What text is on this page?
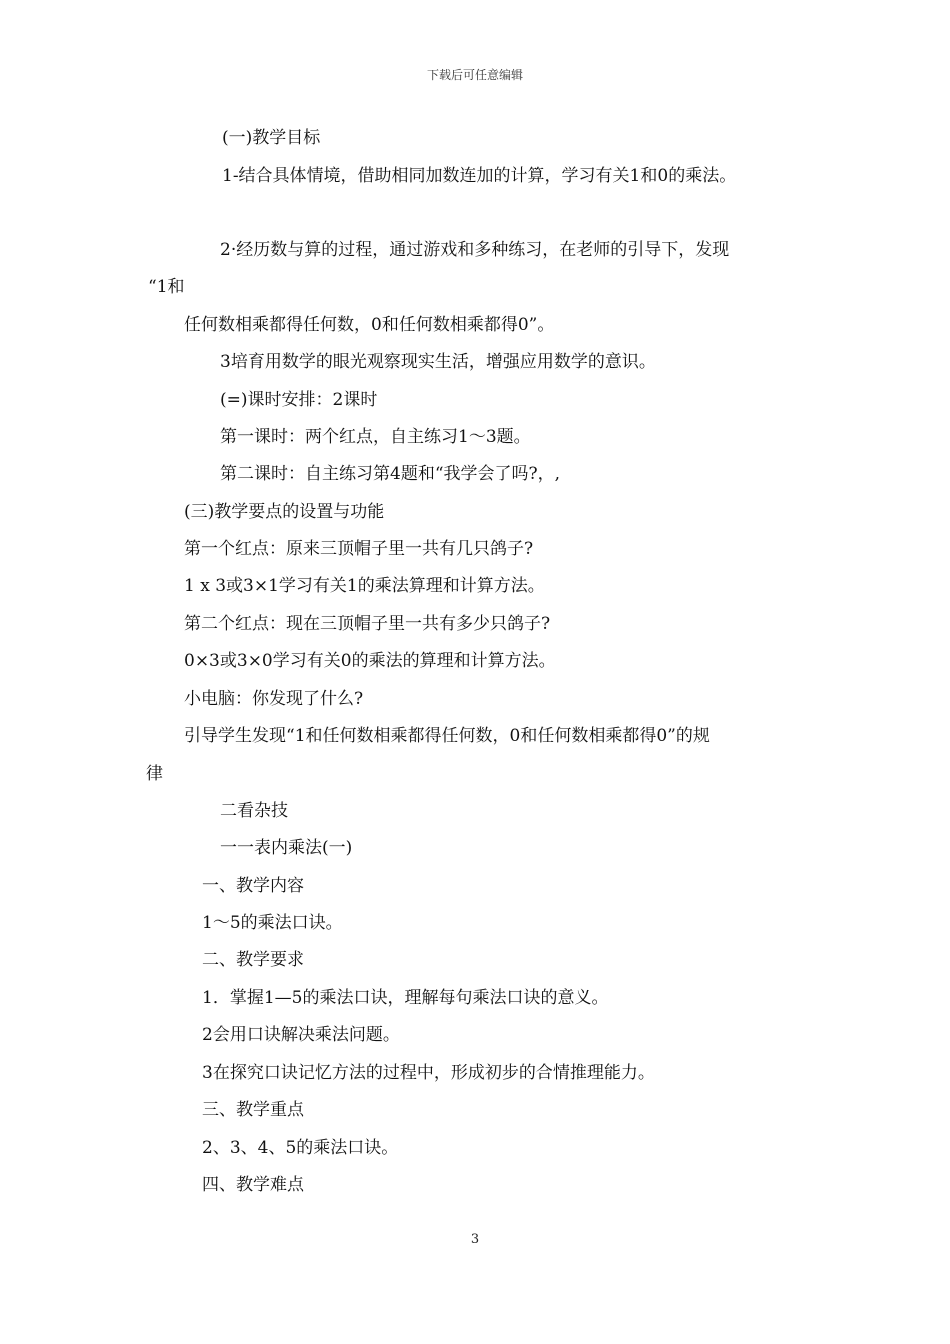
下载后可任意编辑
(一)教学目标
1-结合具体情境，借助相同加数连加的计算，学习有关1和0的乘法。
2·经历数与算的过程，通过游戏和多种练习，在老师的引导下，发现
“1和
任何数相乘都得任何数，0和任何数相乘都得0”。
3培育用数学的眼光观察现实生活，增强应用数学的意识。
(=)课时安排：2课时
第一课时：两个红点，自主练习1～3题。
第二课时：自主练习第4题和“我学会了吗?，,
(三)教学要点的设置与功能
第一个红点：原来三顶帽子里一共有几只鸽子?
1 x 3或3×1学习有关1的乘法算理和计算方法。
第二个红点：现在三顶帽子里一共有多少只鸽子?
0×3或3×0学习有关0的乘法的算理和计算方法。
小电脑：你发现了什么?
引导学生发现“1和任何数相乘都得任何数，0和任何数相乘都得0”的规
律
二看杂技
一一表内乘法(一)
一、教学内容
1～5的乘法口诀。
二、教学要求
1．掌握1—5的乘法口诀，理解每句乘法口诀的意义。
2会用口诀解决乘法问题。
3在探究口诀记忆方法的过程中，形成初步的合情推理能力。
三、教学重点
2、3、4、5的乘法口诀。
四、教学难点
3
